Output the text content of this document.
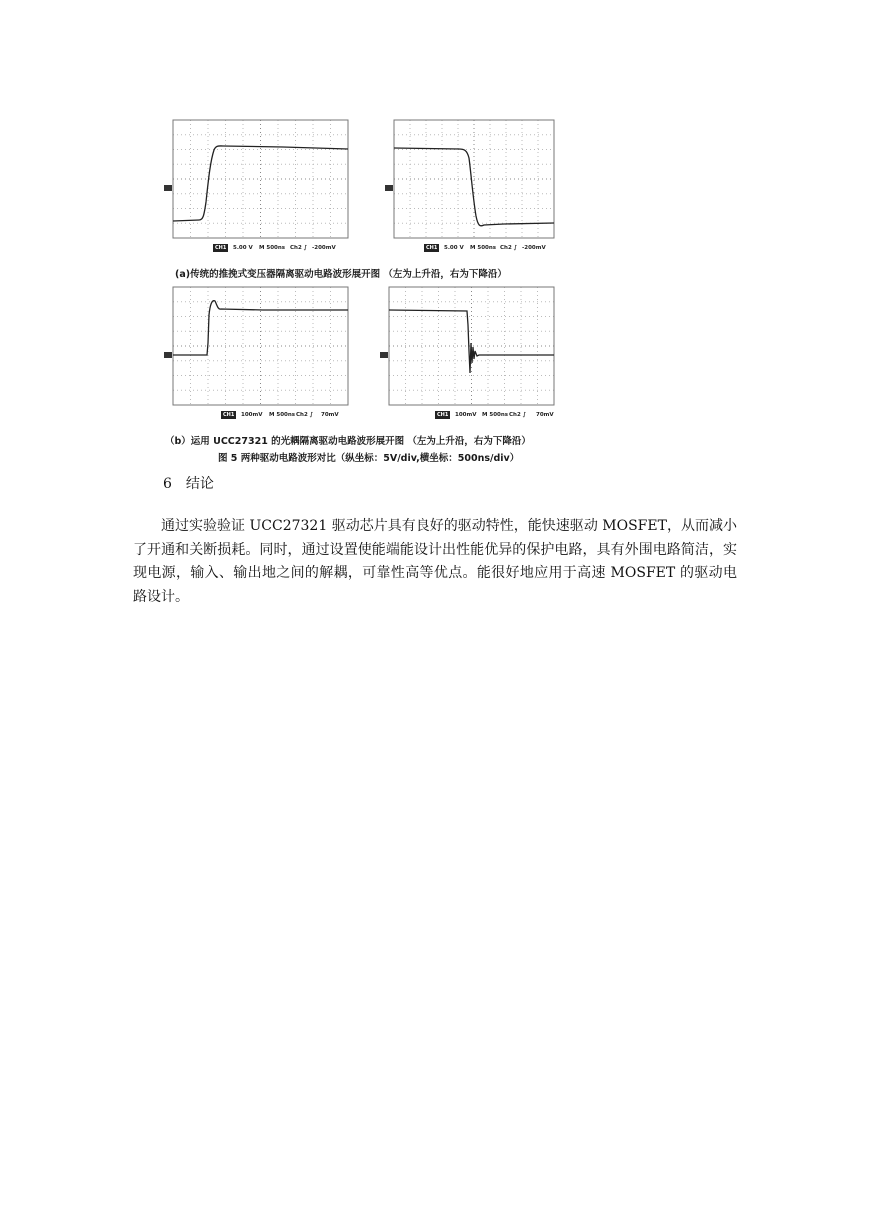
CH1	5.00 V M 500ns Ch2 ∫ -200mV	CH1	5.00 V M 500ns Ch2 ∫ -200mV
(a)传统的推挽式变压器隔离驱动电路波形展开图 （左为上升沿，右为下降沿）
CH1	100mV M 500ns Ch2 ∫ 70mV	CH1	100mV M 500ns Ch2 ∫ 70mV
（b）运用 UCC27321 的光耦隔离驱动电路波形展开图 （左为上升沿，右为下降沿）
图 5 两种驱动电路波形对比（纵坐标：5V/div,横坐标：500ns/div）
6 结论

通过实验验证 UCC27321 驱动芯片具有良好的驱动特性，能快速驱动 MOSFET，从而减小了开通和关断损耗。同时，通过设置使能端能设计出性能优异的保护电路，具有外围电路简洁，实现电源，输入、输出地之间的解耦，可靠性高等优点。能很好地应用于高速 MOSFET 的驱动电路设计。
